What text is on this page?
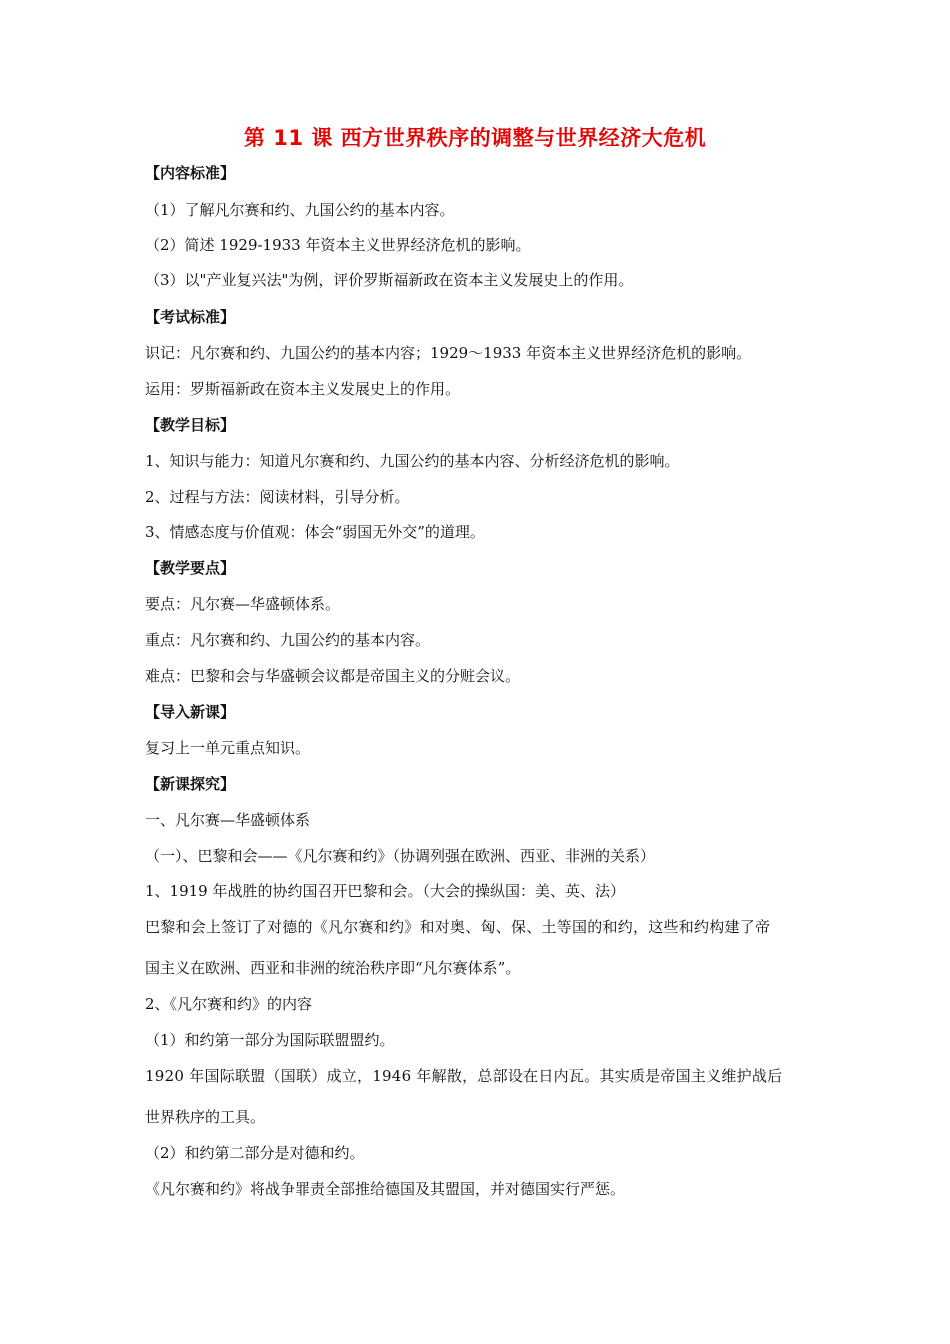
第 11 课 西方世界秩序的调整与世界经济大危机
【内容标准】
（1）了解凡尔赛和约、九国公约的基本内容。
（2）简述 1929-1933 年资本主义世界经济危机的影响。
（3）以"产业复兴法"为例，评价罗斯福新政在资本主义发展史上的作用。
【考试标准】
识记：凡尔赛和约、九国公约的基本内容；1929～1933 年资本主义世界经济危机的影响。
运用：罗斯福新政在资本主义发展史上的作用。
【教学目标】
1、知识与能力：知道凡尔赛和约、九国公约的基本内容、分析经济危机的影响。
2、过程与方法：阅读材料，引导分析。
3、情感态度与价值观：体会“弱国无外交”的道理。
【教学要点】
要点：凡尔赛—华盛顿体系。
重点：凡尔赛和约、九国公约的基本内容。
难点：巴黎和会与华盛顿会议都是帝国主义的分赃会议。
【导入新课】
复习上一单元重点知识。
【新课探究】
一、凡尔赛—华盛顿体系
（一）、巴黎和会——《凡尔赛和约》（协调列强在欧洲、西亚、非洲的关系）
1、1919 年战胜的协约国召开巴黎和会。（大会的操纵国：美、英、法）
巴黎和会上签订了对德的《凡尔赛和约》和对奥、匈、保、土等国的和约，这些和约构建了帝
国主义在欧洲、西亚和非洲的统治秩序即“凡尔赛体系”。
2、《凡尔赛和约》的内容
（1）和约第一部分为国际联盟盟约。
1920 年国际联盟（国联）成立，1946 年解散，总部设在日内瓦。其实质是帝国主义维护战后
世界秩序的工具。
（2）和约第二部分是对德和约。
《凡尔赛和约》将战争罪责全部推给德国及其盟国，并对德国实行严惩。
